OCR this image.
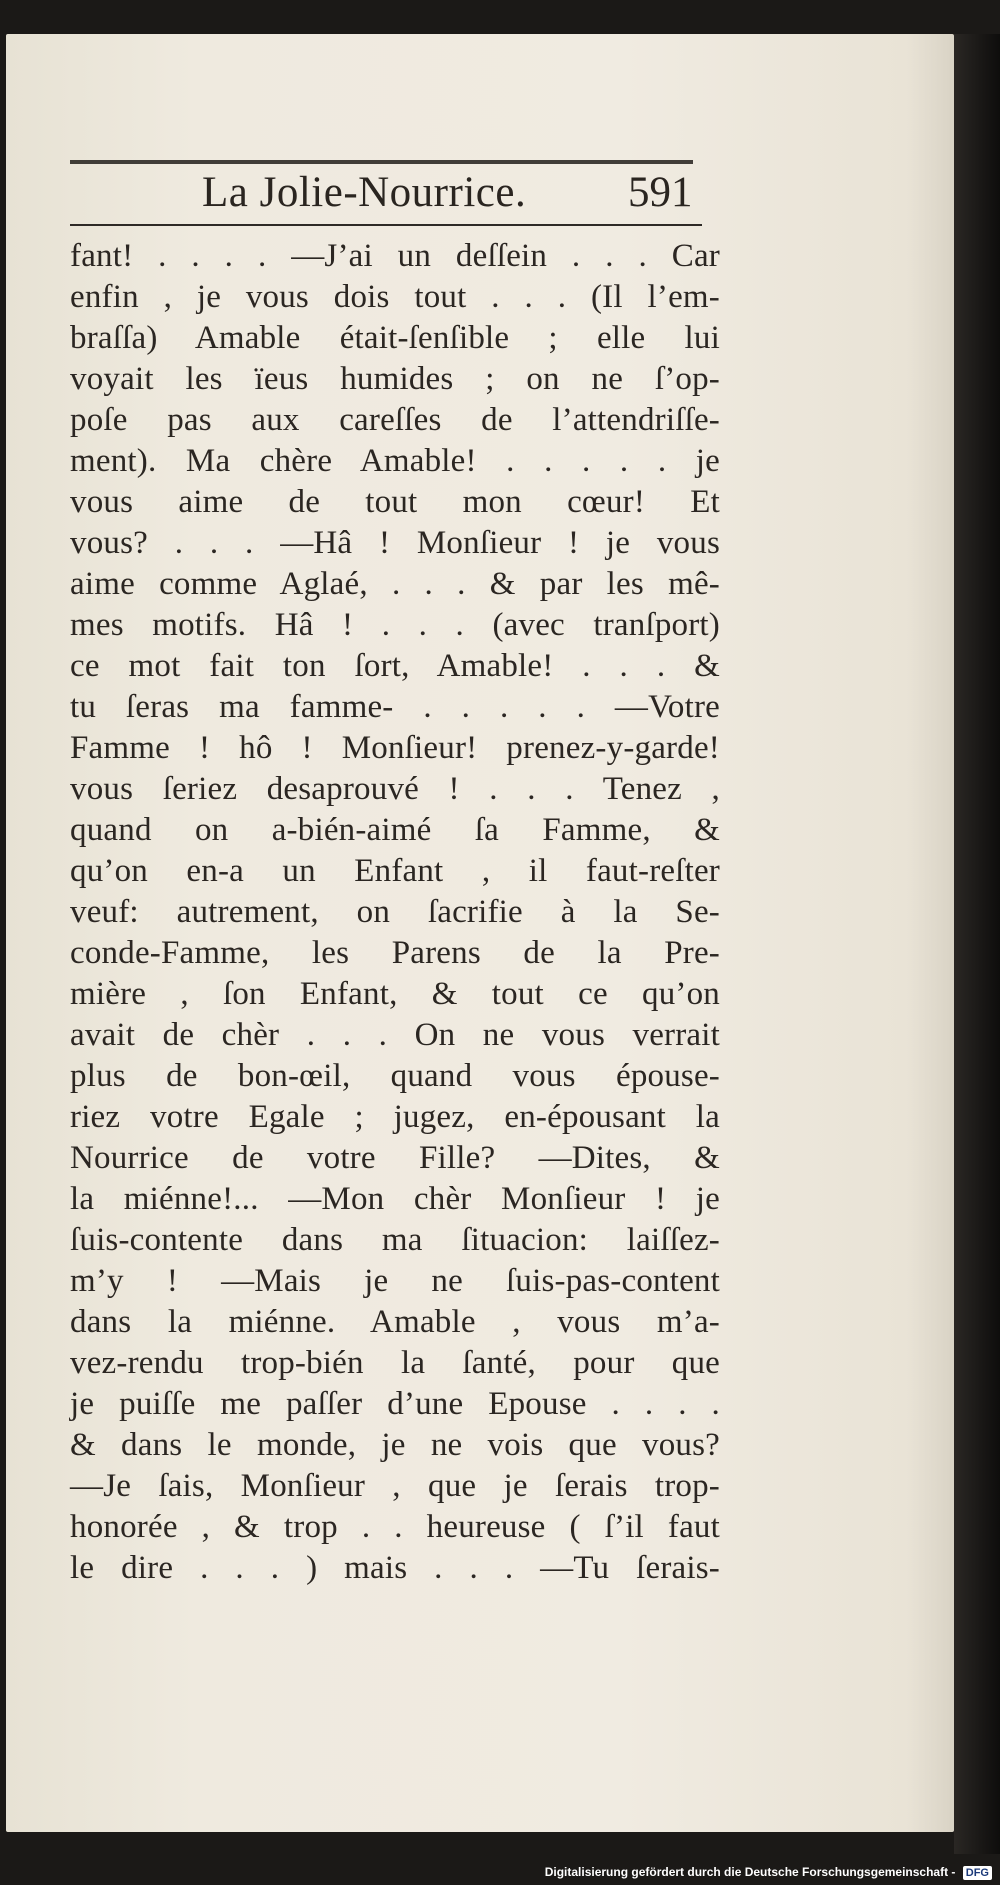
La Jolie-Nourrice.	591
fant! . . . . —J’ai un deſſein . . . Car
enfin , je vous dois tout . . . (Il l’em-
braſſa) Amable était-ſenſible ; elle lui
voyait les ïeus humides ; on ne ſ’op-
poſe pas aux careſſes de l’attendriſſe-
ment). Ma chère Amable! . . . . . je
vous aime de tout mon cœur! Et
vous? . . . —Hâ ! Monſieur ! je vous
aime comme Aglaé, . . . & par les mê-
mes motifs. Hâ ! . . . (avec tranſport)
ce mot fait ton ſort, Amable! . . . &
tu ſeras ma famme- . . . . . —Votre
Famme ! hô ! Monſieur! prenez-y-garde!
vous ſeriez desaprouvé ! . . . Tenez ,
quand on a-bién-aimé ſa Famme, &
qu’on en-a un Enfant , il faut-reſter
veuf: autrement, on ſacrifie à la Se-
conde-Famme, les Parens de la Pre-
mière , ſon Enfant, & tout ce qu’on
avait de chèr . . . On ne vous verrait
plus de bon-œil, quand vous épouse-
riez votre Egale ; jugez, en-épousant la
Nourrice de votre Fille? —Dites, &
la miénne!... —Mon chèr Monſieur ! je
ſuis-contente dans ma ſituacion: laiſſez-
m’y ! —Mais je ne ſuis-pas-content
dans la miénne. Amable , vous m’a-
vez-rendu trop-bién la ſanté, pour que
je puiſſe me paſſer d’une Epouse . . . .
& dans le monde, je ne vois que vous?
—Je ſais, Monſieur , que je ſerais trop-
honorée , & trop . . heureuse ( ſ’il faut
le dire . . . ) mais . . . —Tu ſerais-
Digitalisierung gefördert durch die Deutsche Forschungsgemeinschaft - DFG
